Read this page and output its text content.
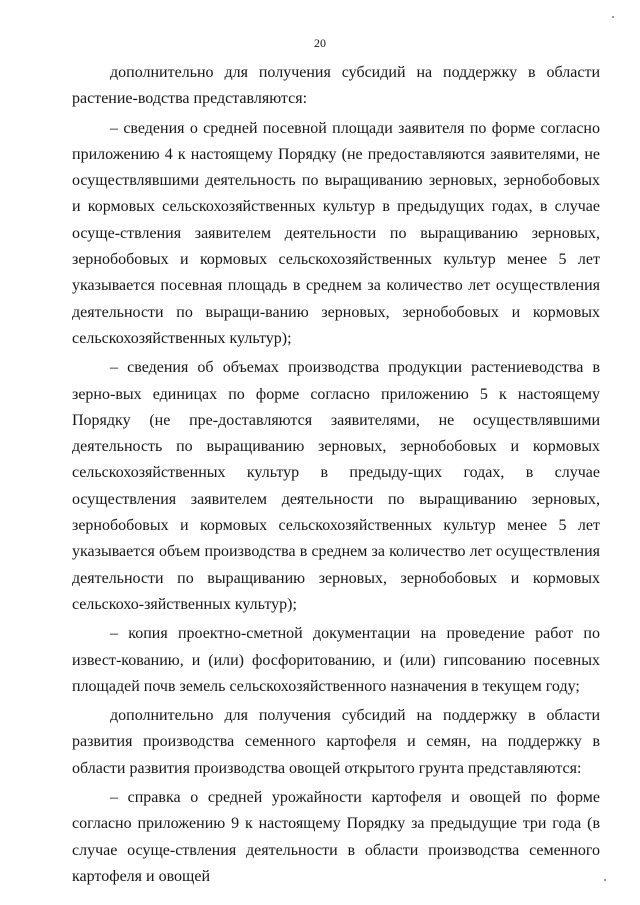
20

дополнительно для получения субсидий на поддержку в области растение-водства представляются:

– сведения о средней посевной площади заявителя по форме согласно приложению 4 к настоящему Порядку (не предоставляются заявителями, не осуществлявшими деятельность по выращиванию зерновых, зернобобовых и кормовых сельскохозяйственных культур в предыдущих годах, в случае осуще-ствления заявителем деятельности по выращиванию зерновых, зернобобовых и кормовых сельскохозяйственных культур менее 5 лет указывается посевная площадь в среднем за количество лет осуществления деятельности по выращи-ванию зерновых, зернобобовых и кормовых сельскохозяйственных культур);

– сведения об объемах производства продукции растениеводства в зерно-вых единицах по форме согласно приложению 5 к настоящему Порядку (не пре-доставляются заявителями, не осуществлявшими деятельность по выращиванию зерновых, зернобобовых и кормовых сельскохозяйственных культур в предыду-щих годах, в случае осуществления заявителем деятельности по выращиванию зерновых, зернобобовых и кормовых сельскохозяйственных культур менее 5 лет указывается объем производства в среднем за количество лет осуществления деятельности по выращиванию зерновых, зернобобовых и кормовых сельскохо-зяйственных культур);

– копия проектно-сметной документации на проведение работ по извест-кованию, и (или) фосфоритованию, и (или) гипсованию посевных площадей почв земель сельскохозяйственного назначения в текущем году;

дополнительно для получения субсидий на поддержку в области развития производства семенного картофеля и семян, на поддержку в области развития производства овощей открытого грунта представляются:

– справка о средней урожайности картофеля и овощей по форме согласно приложению 9 к настоящему Порядку за предыдущие три года (в случае осуще-ствления деятельности в области производства семенного картофеля и овощей
